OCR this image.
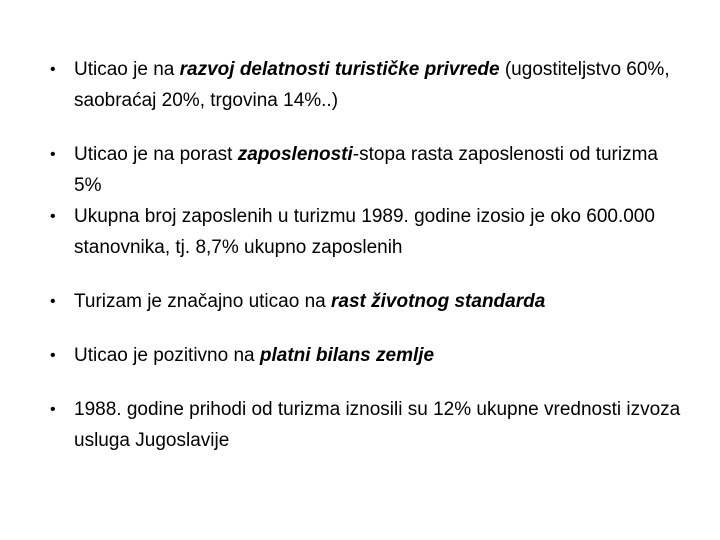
• Uticao je na razvoj delatnosti turističke privrede (ugostiteljstvo 60%, saobraćaj 20%, trgovina 14%..)
• Uticao je na porast zaposlenosti-stopa rasta zaposlenosti od turizma 5%
• Ukupna broj zaposlenih u turizmu 1989. godine izosio je oko 600.000 stanovnika, tj. 8,7% ukupno zaposlenih
• Turizam je značajno uticao na rast životnog standarda
• Uticao je pozitivno na platni bilans zemlje
• 1988. godine prihodi od turizma iznosili su 12% ukupne vrednosti izvoza usluga Jugoslavije
